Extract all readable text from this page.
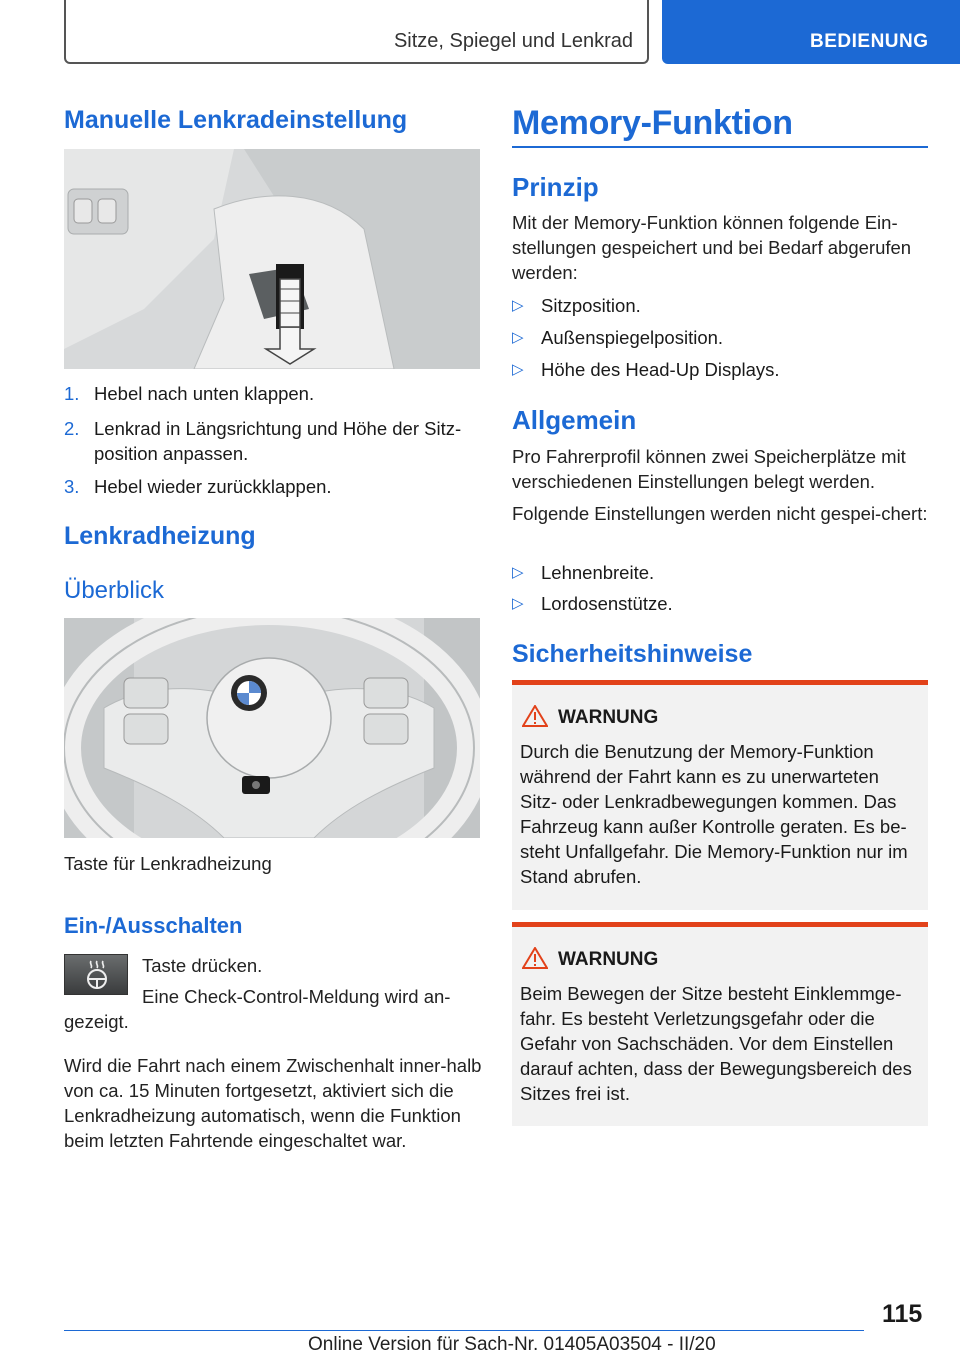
Sitze, Spiegel und Lenkrad	BEDIENUNG
Manuelle Lenkradeinstellung
1. Hebel nach unten klappen.
2. Lenkrad in Längsrichtung und Höhe der Sitz-position anpassen.
3. Hebel wieder zurückklappen.
Lenkradheizung
Überblick
Taste für Lenkradheizung
Ein-/Ausschalten
Taste drücken.
Eine Check-Control-Meldung wird an-gezeigt.
Wird die Fahrt nach einem Zwischenhalt inner-halb von ca. 15 Minuten fortgesetzt, aktiviert sich die Lenkradheizung automatisch, wenn die Funktion beim letzten Fahrtende eingeschaltet war.
Memory-Funktion
Prinzip
Mit der Memory-Funktion können folgende Ein-stellungen gespeichert und bei Bedarf abgerufen werden:
▷ Sitzposition.
▷ Außenspiegelposition.
▷ Höhe des Head-Up Displays.
Allgemein
Pro Fahrerprofil können zwei Speicherplätze mit verschiedenen Einstellungen belegt werden.
Folgende Einstellungen werden nicht gespei-chert:
▷ Lehnenbreite.
▷ Lordosenstütze.
Sicherheitshinweise
WARNUNG
Durch die Benutzung der Memory-Funktion während der Fahrt kann es zu unerwarteten Sitz- oder Lenkradbewegungen kommen. Das Fahrzeug kann außer Kontrolle geraten. Es be-steht Unfallgefahr. Die Memory-Funktion nur im Stand abrufen.
WARNUNG
Beim Bewegen der Sitze besteht Einklemmge-fahr. Es besteht Verletzungsgefahr oder die Gefahr von Sachschäden. Vor dem Einstellen darauf achten, dass der Bewegungsbereich des Sitzes frei ist.
115
Online Version für Sach-Nr. 01405A03504 - II/20
